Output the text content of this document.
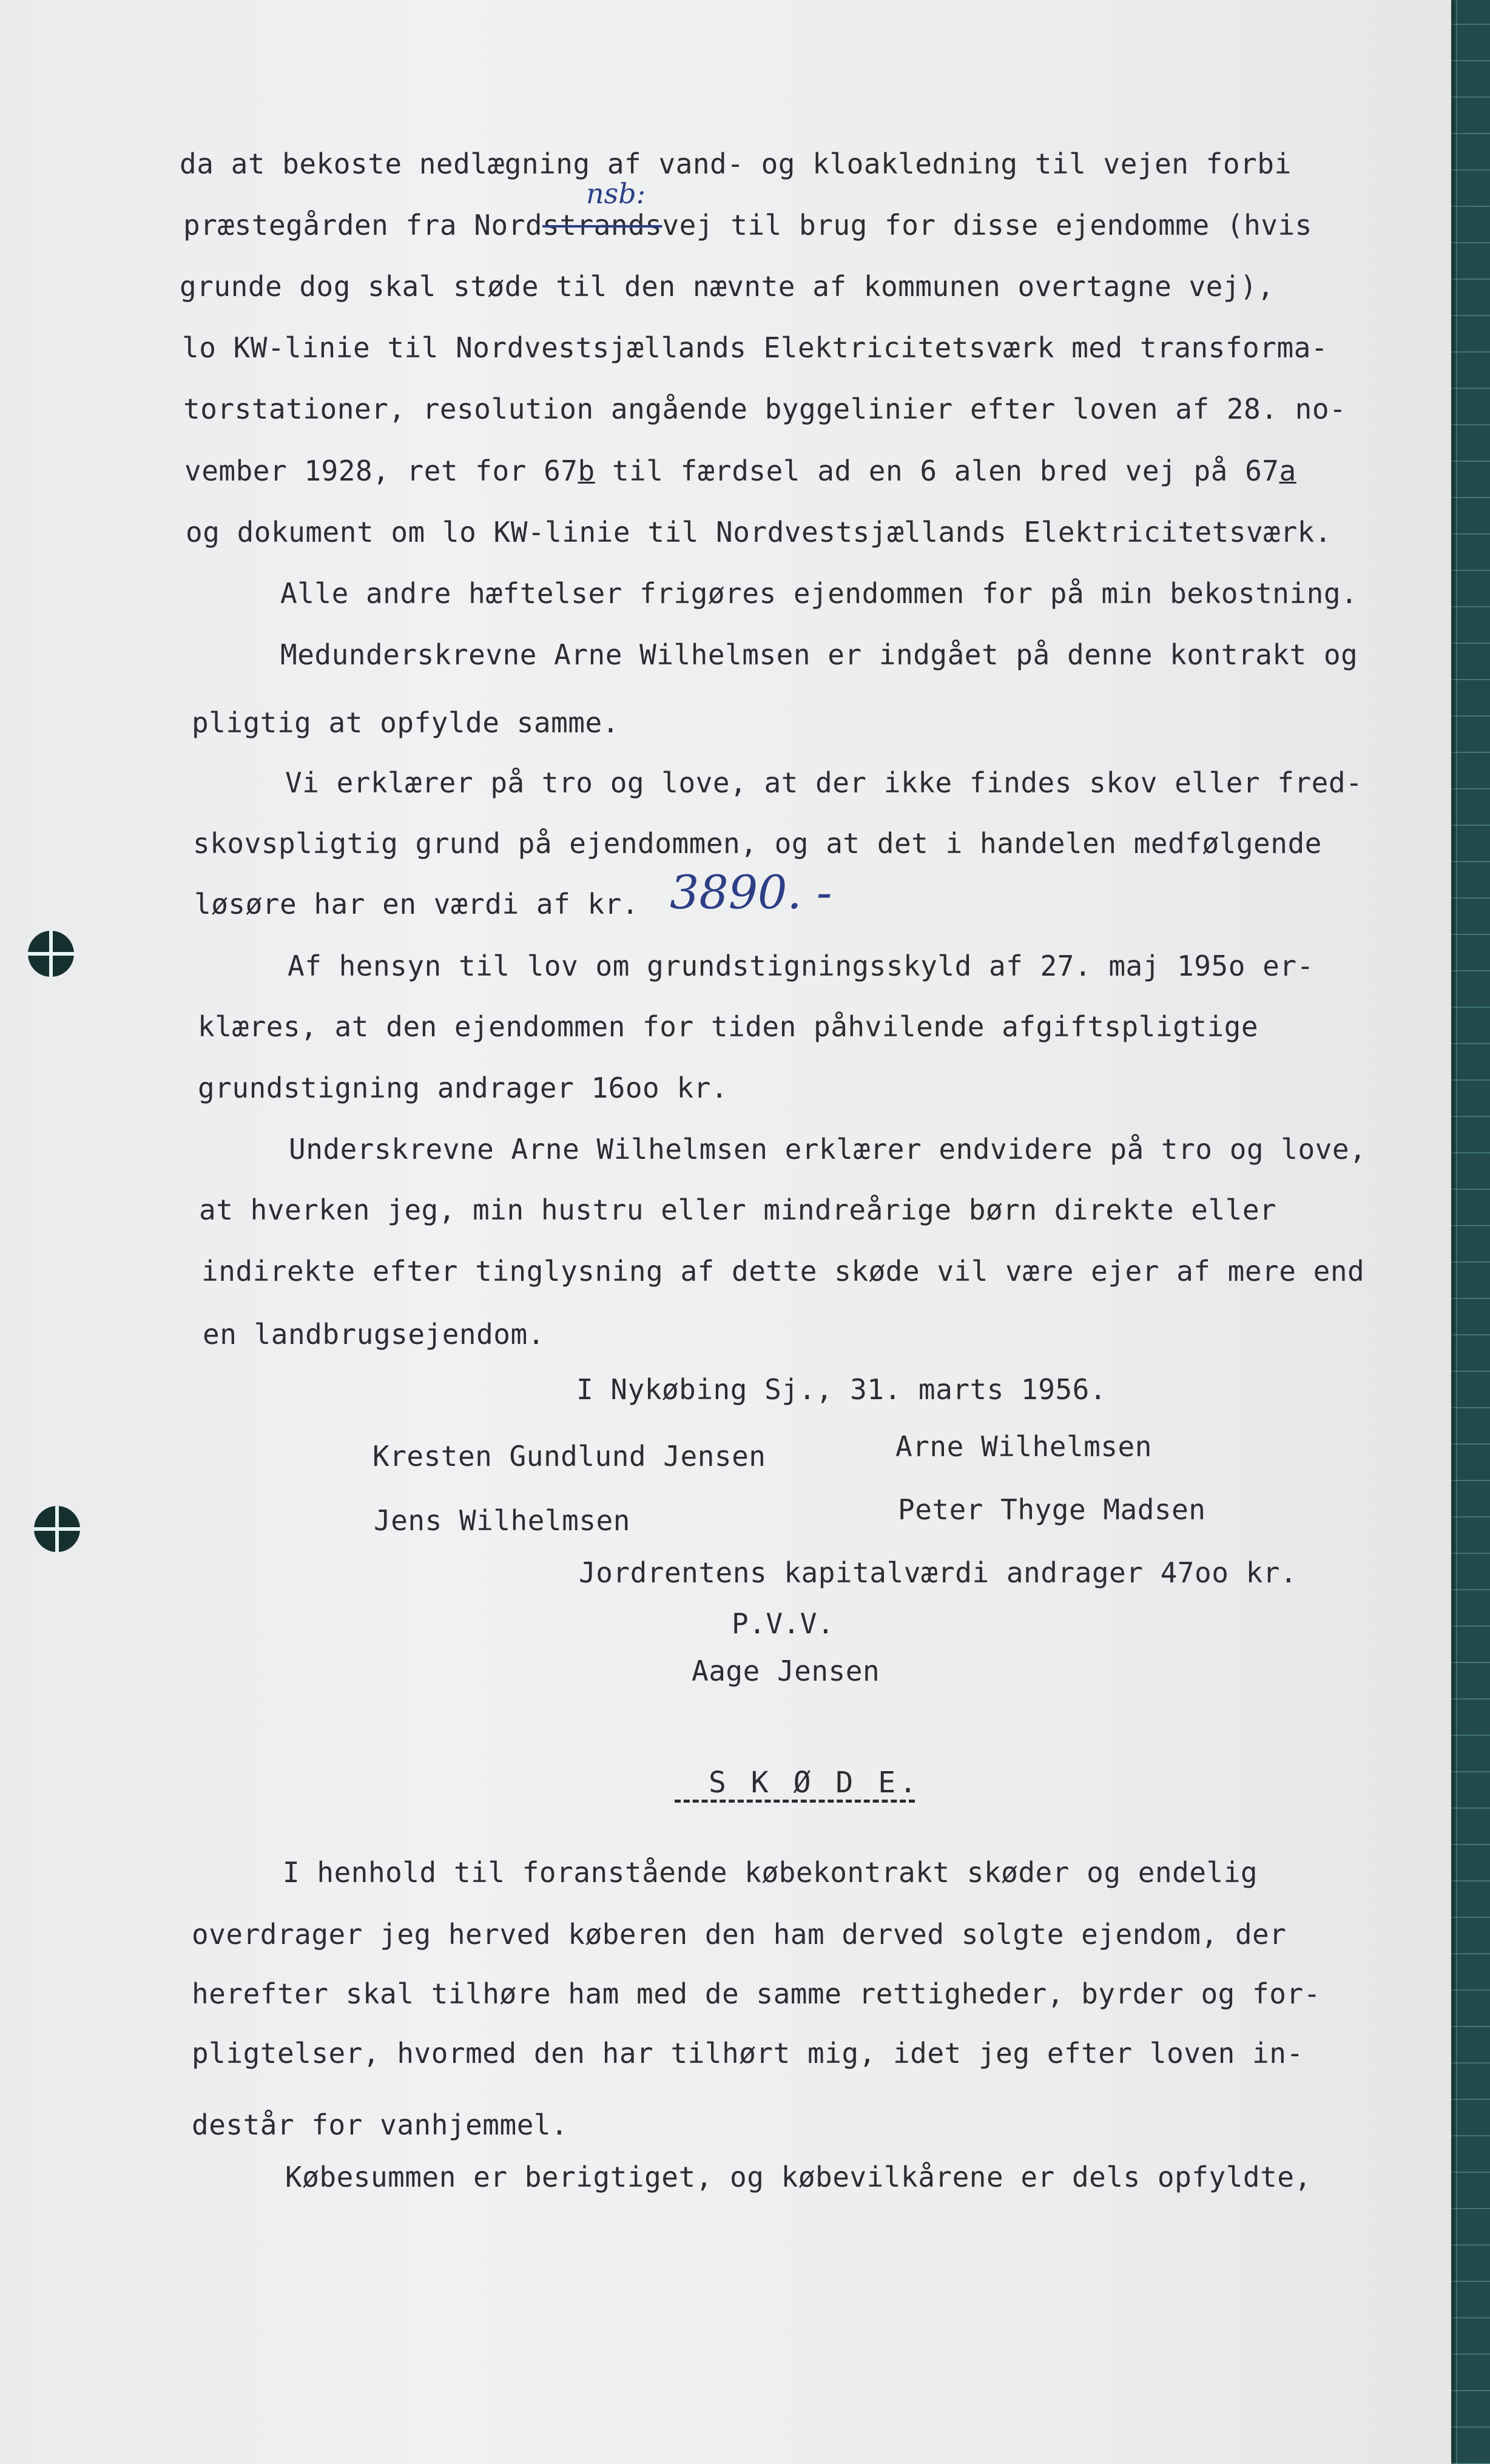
da at bekoste nedlægning af vand- og kloakledning til vejen forbi
præstegården fra Nordstrandsvej til brug for disse ejendomme (hvis
nsb:
grunde dog skal støde til den nævnte af kommunen overtagne vej),
lo KW-linie til Nordvestsjællands Elektricitetsværk med transforma-
torstationer, resolution angående byggelinier efter loven af 28. no-
vember 1928, ret for 67b til færdsel ad en 6 alen bred vej på 67a
og dokument om lo KW-linie til Nordvestsjællands Elektricitetsværk.
Alle andre hæftelser frigøres ejendommen for på min bekostning.
Medunderskrevne Arne Wilhelmsen er indgået på denne kontrakt og
pligtig at opfylde samme.
Vi erklærer på tro og love, at der ikke findes skov eller fred-
skovspligtig grund på ejendommen, og at det i handelen medfølgende
løsøre har en værdi af kr. 3890. -
Af hensyn til lov om grundstigningsskyld af 27. maj 195o er-
klæres, at den ejendommen for tiden påhvilende afgiftspligtige
grundstigning andrager 16oo kr.
Underskrevne Arne Wilhelmsen erklærer endvidere på tro og love,
at hverken jeg, min hustru eller mindreårige børn direkte eller
indirekte efter tinglysning af dette skøde vil være ejer af mere end
en landbrugsejendom.
I Nykøbing Sj., 31. marts 1956.
Kresten Gundlund Jensen	Arne Wilhelmsen
Jens Wilhelmsen	Peter Thyge Madsen
Jordrentens kapitalværdi andrager 47oo kr.
P.V.V.
Aage Jensen
S K Ø D E.
I henhold til foranstående købekontrakt skøder og endelig
overdrager jeg herved køberen den ham derved solgte ejendom, der
herefter skal tilhøre ham med de samme rettigheder, byrder og for-
pligtelser, hvormed den har tilhørt mig, idet jeg efter loven in-
destår for vanhjemmel.
Købesummen er berigtiget, og købevilkårene er dels opfyldte,
